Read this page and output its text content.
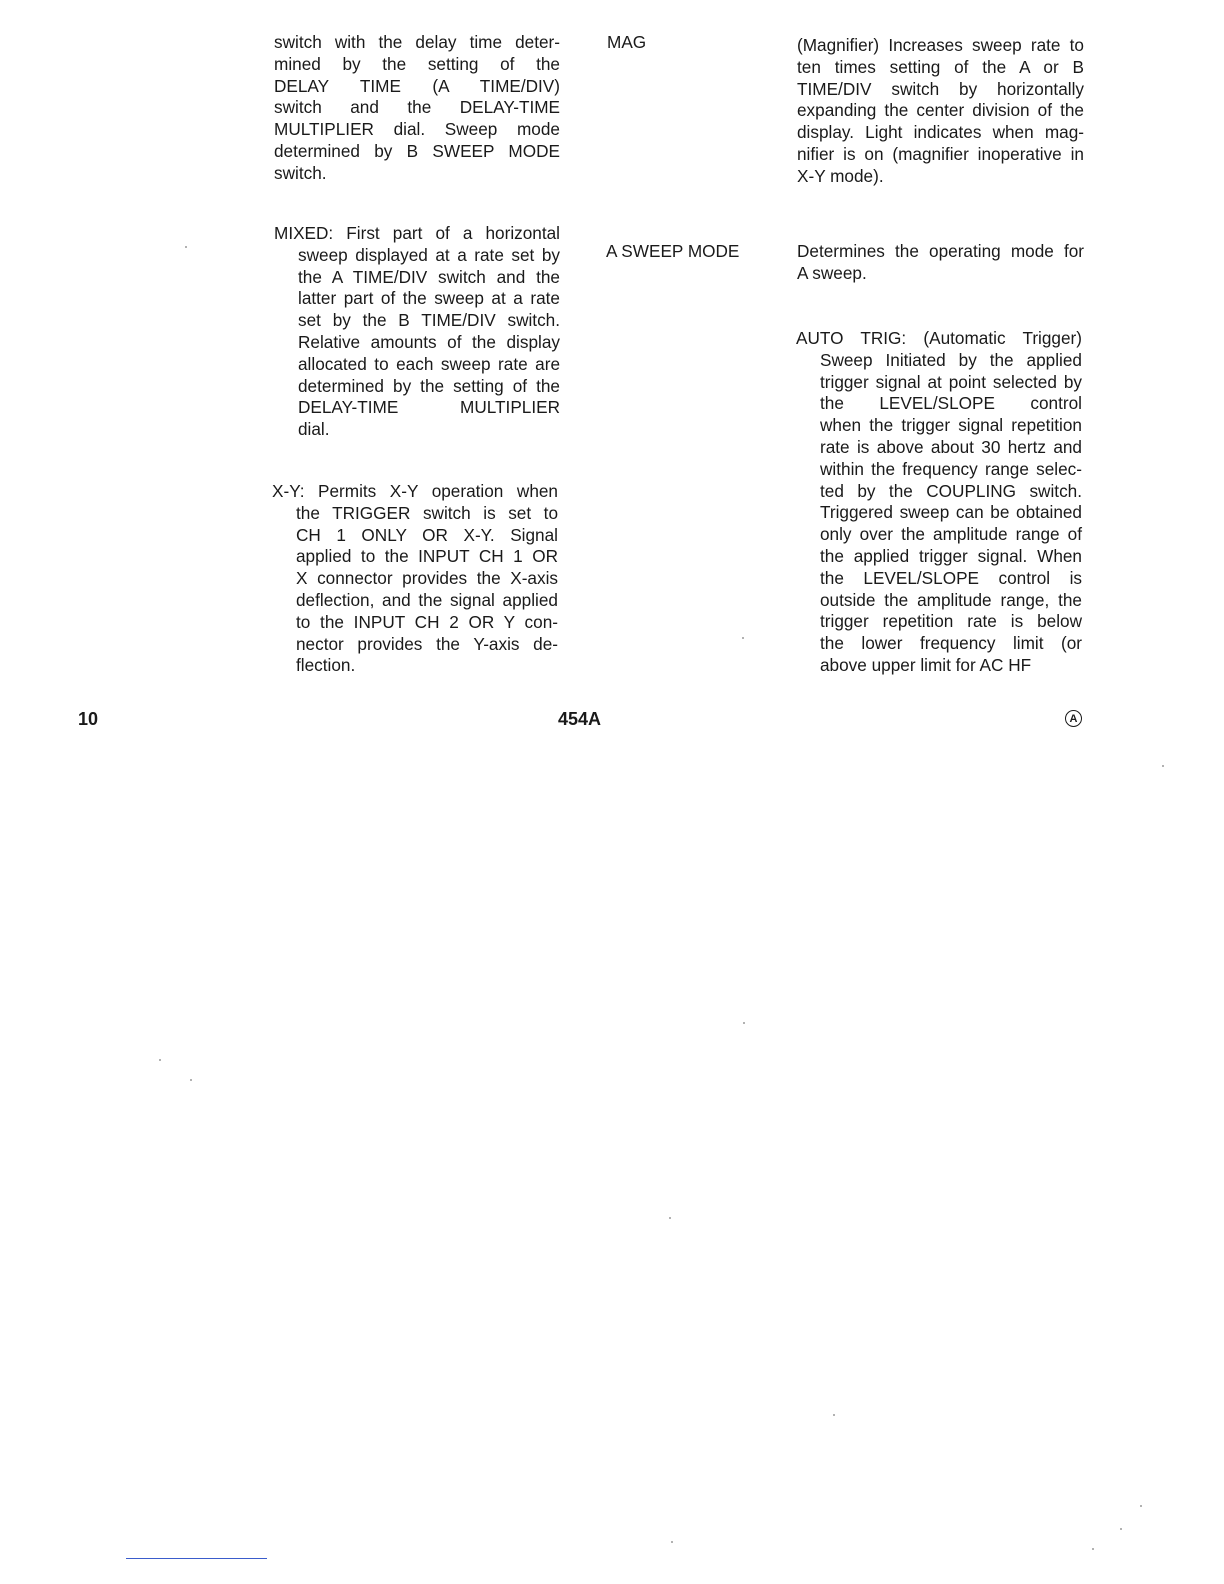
switch with the delay time deter-
mined by the setting of the
DELAY TIME (A TIME/DIV)
switch and the DELAY-TIME
MULTIPLIER dial. Sweep mode
determined by B SWEEP MODE
switch.
MIXED: First part of a horizontal
sweep displayed at a rate set by
the A TIME/DIV switch and the
latter part of the sweep at a rate
set by the B TIME/DIV switch.
Relative amounts of the display
allocated to each sweep rate are
determined by the setting of the
DELAY-TIME MULTIPLIER
dial.
X-Y: Permits X-Y operation when
the TRIGGER switch is set to
CH 1 ONLY OR X-Y. Signal
applied to the INPUT CH 1 OR
X connector provides the X-axis
deflection, and the signal applied
to the INPUT CH 2 OR Y con-
nector provides the Y-axis de-
flection.
MAG
A SWEEP MODE
(Magnifier) Increases sweep rate to
ten times setting of the A or B
TIME/DIV switch by horizontally
expanding the center division of the
display. Light indicates when mag-
nifier is on (magnifier inoperative in
X-Y mode).
Determines the operating mode for
A sweep.
AUTO TRIG: (Automatic Trigger)
Sweep Initiated by the applied
trigger signal at point selected by
the LEVEL/SLOPE control
when the trigger signal repetition
rate is above about 30 hertz and
within the frequency range selec-
ted by the COUPLING switch.
Triggered sweep can be obtained
only over the amplitude range of
the applied trigger signal. When
the LEVEL/SLOPE control is
outside the amplitude range, the
trigger repetition rate is below
the lower frequency limit (or
above upper limit for AC HF
10	454A	A
